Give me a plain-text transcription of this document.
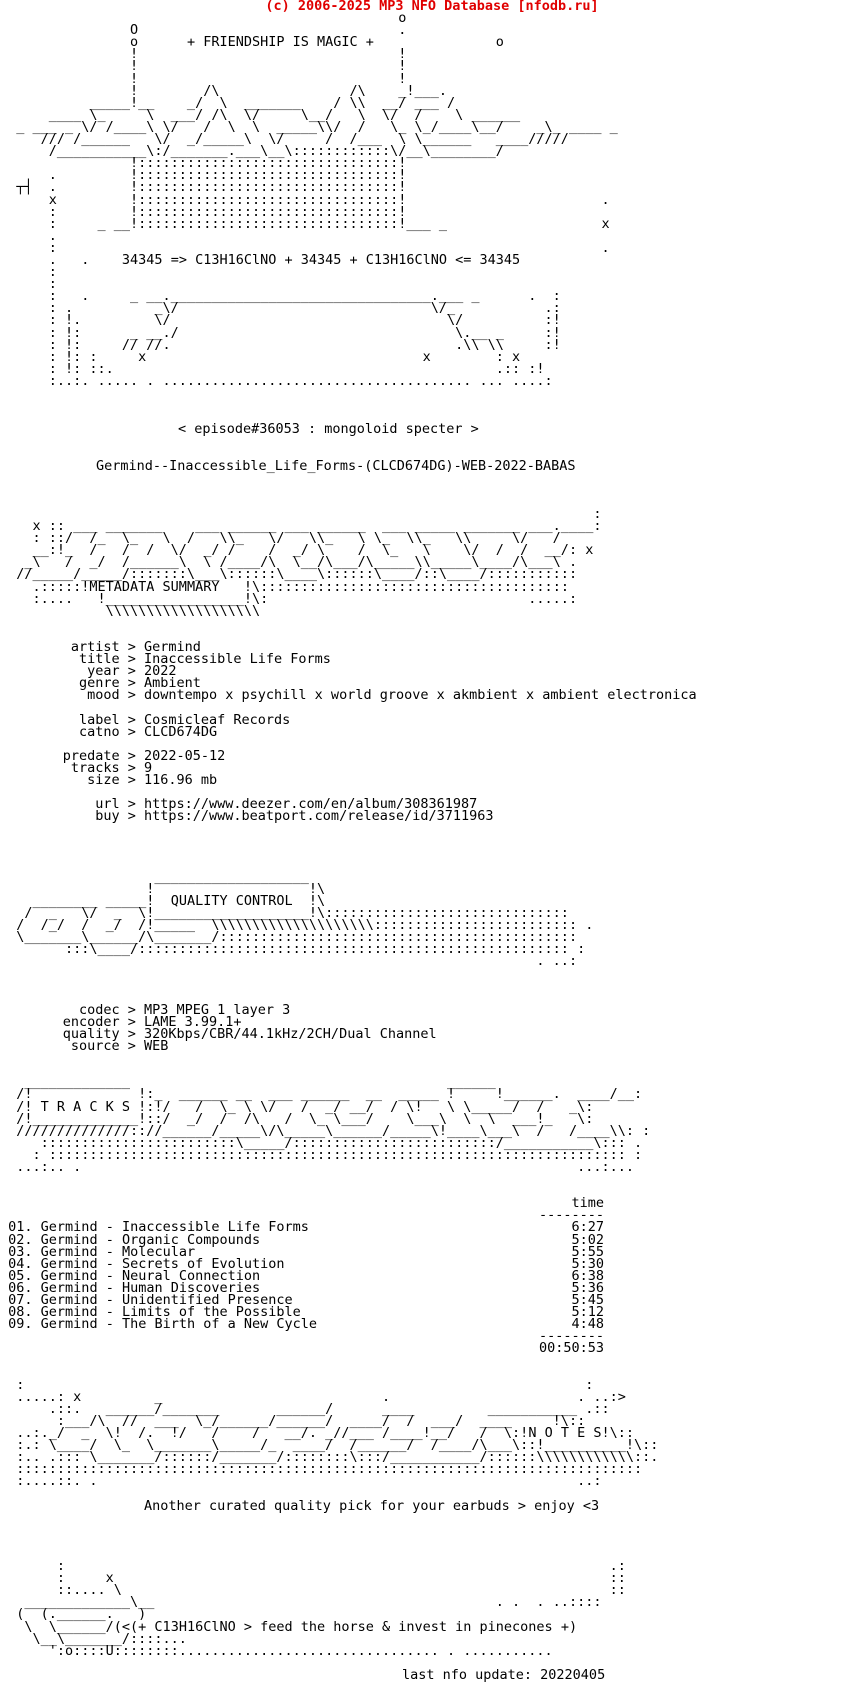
(c) 2006-2025 MP3 NFO Database [nfodb.ru]
o
O                                .
o      + FRIENDSHIP IS MAGIC +               o
!                                !
!                                !
!                                !
!        /\                /\    _!___.
_____!__    _/  \  _______    / \\  __/ ___ /
____ \_     \  ___/ /\  \/     \__/   \  \/  /    \ ______
_ ___ _ \/ /____\ \/   /  \  \  _____\\/  /   \_ \_/____\__/    _\_ ____ _
/// /______   \/  _/_____\  \/     /  /___  \ \______   ____/////
/___________\:/_______.___\__\::::::::::::\/__\________/
!::::::::::::::::::::::::::::::::!
.         !::::::::::::::::::::::::::::::::!
┬┤  .         !::::::::::::::::::::::::::::::::!
x         !::::::::::::::::::::::::::::::::!                        .
:         !::::::::::::::::::::::::::::::::!
:     _ __!::::::::::::::::::::::::::::::::!___ _                   x
.
:                                                                   .
.   .    34345 => C13H16ClNO + 34345 + C13H16ClNO <= 34345
:
:
:   .     _ __.________________________________.___ _      .  :
: .          _\/                               \/_           .:
: !.         \/                                  \/          :!
: !:      _ __./                                  \.__ _     :!
: !:     // //.                                   .\\ \\     :!
: !: :     x                                  x        : x
: !: ::.                                               .:: :!
:..:. ..... . ...................................... ... ....:
< episode#36053 : mongoloid specter >
Germind--Inaccessible_Life_Forms-(CLCD674DG)-WEB-2022-BABAS
:
x :: ___ _______    ___ ______ ___ ______  ___ _____ _______ ___.____:
: ::/  /_  \_   \  /   \\_   \/   \\_   \ \_  \\_   \\     \/   /
__:!_  /   /  /  \/  _/ /    /  _/ \    /  \_   \    \/  /  /  __/: x
_\   /  _/  /______\  \ /____/\  \__/\___/\_____\\_____\____/\___\ .
//_____/_____/:::::::\___\::::::\____\::::::\____/::\____/:::::::::::
.:::::!METADATA SUMMARY   !\::::::::::::::::::::::::::::::::::::::
:....   !_________________!\:                                .....:
\\\\\\\\\\\\\\\\\\\
artist > Germind
title > Inaccessible Life Forms
year > 2022
genre > Ambient
mood > downtempo x psychill x world groove x akmbient x ambient electronica
label > Cosmicleaf Records
catno > CLCD674DG
predate > 2022-05-12
tracks > 9
size > 116.96 mb
url > https://www.deezer.com/en/album/308361987
buy > https://www.beatport.com/release/id/3711963
___________________
!                   !\
________ _____!  QUALITY CONTROL  !\
/  _   \/  _  \!___________________!\::::::::::::::::::::::::::::::
/  /_/  /  _/  /!_____  \\\\\\\\\\\\\\\\\\\\::::::::::::::::::::::::: .
\_______\______/\_______/::::::::::::::::::::::::::::::::::::::::::::
:::\____/::::::::::::::::::::::::::::::::::::::::::::::::::::: :
. ..:
codec > MP3 MPEG 1 layer 3
encoder > LAME 3.99.1+
quality > 320Kbps/CBR/44.1kHz/2CH/Dual Channel
source > WEB
_____________                                       ______
/!             !:_  ______ __  ___ ______  __  _____ !     !______.  ____/__:
/! T R A C K S !:!/   /  \_ \ \/   /  _/ __/  / \!   \ \_____/  /   _\:
/!_____________!::/  _/  /  /\   /  \_ \___/    \___\  \  \  ___!_   \:
//////////////:://______/_____\/\_____\______/_____\!____\___\  /   /____\\: :
::::::::::::::::::::::::\_____/:::::::::::::::::::::::::/___________\::: .
: ::::::::::::::::::::::::::::::::::::::::::::::::::::::::::::::::::::::: :
...:.. .                                                             ...:...
time
--------
01. Germind - Inaccessible Life Forms	6:27
02. Germind - Organic Compounds	5:02
03. Germind - Molecular	5:55
04. Germind - Secrets of Evolution	5:30
05. Germind - Neural Connection	6:38
06. Germind - Human Discoveries	5:36
07. Germind - Unidentified Presence	5:45
08. Germind - Limits of the Possible	5:12
09. Germind - The Birth of a New Cycle	4:48
--------
00:50:53
:                                                                     :
.....: x         _                           .                       . ..:>
.::.   ______/_______       ______/      ____         ___________ .::
:___/\  //  ___  \_/______/______/  ____/  /  ___/  ____     !\::
..:._/  _  \!  /.  !/   /    /   __/. _//___ /____!__/   /  \:!N O T E S!\::
:.: \____/  \_  \_______\_____/_  ____/  /______/  /____/\___\::!__________!\::
:.. .::: \_______/::::::/_______/::::::::\:::/___________/::::::\\\\\\\\\\\\::.
:::::::::::::::::::::::::::::::::::::::::::::::::::::::::::::::::::::::::::::
:....::. .                                                           ..:
Another curated quality pick for your earbuds > enjoy <3
:                                                                   .:
:     x                                                             ::
::.... \                                                            ::
_____________\__                                          . .  . ..::::
(  (.______.   )
\  \______/(<(+ C13H16ClNO > feed the horse & invest in pinecones +)
\__\_______/::::...
':o::::U::::::::................................ . ...........
last nfo update: 20220405
